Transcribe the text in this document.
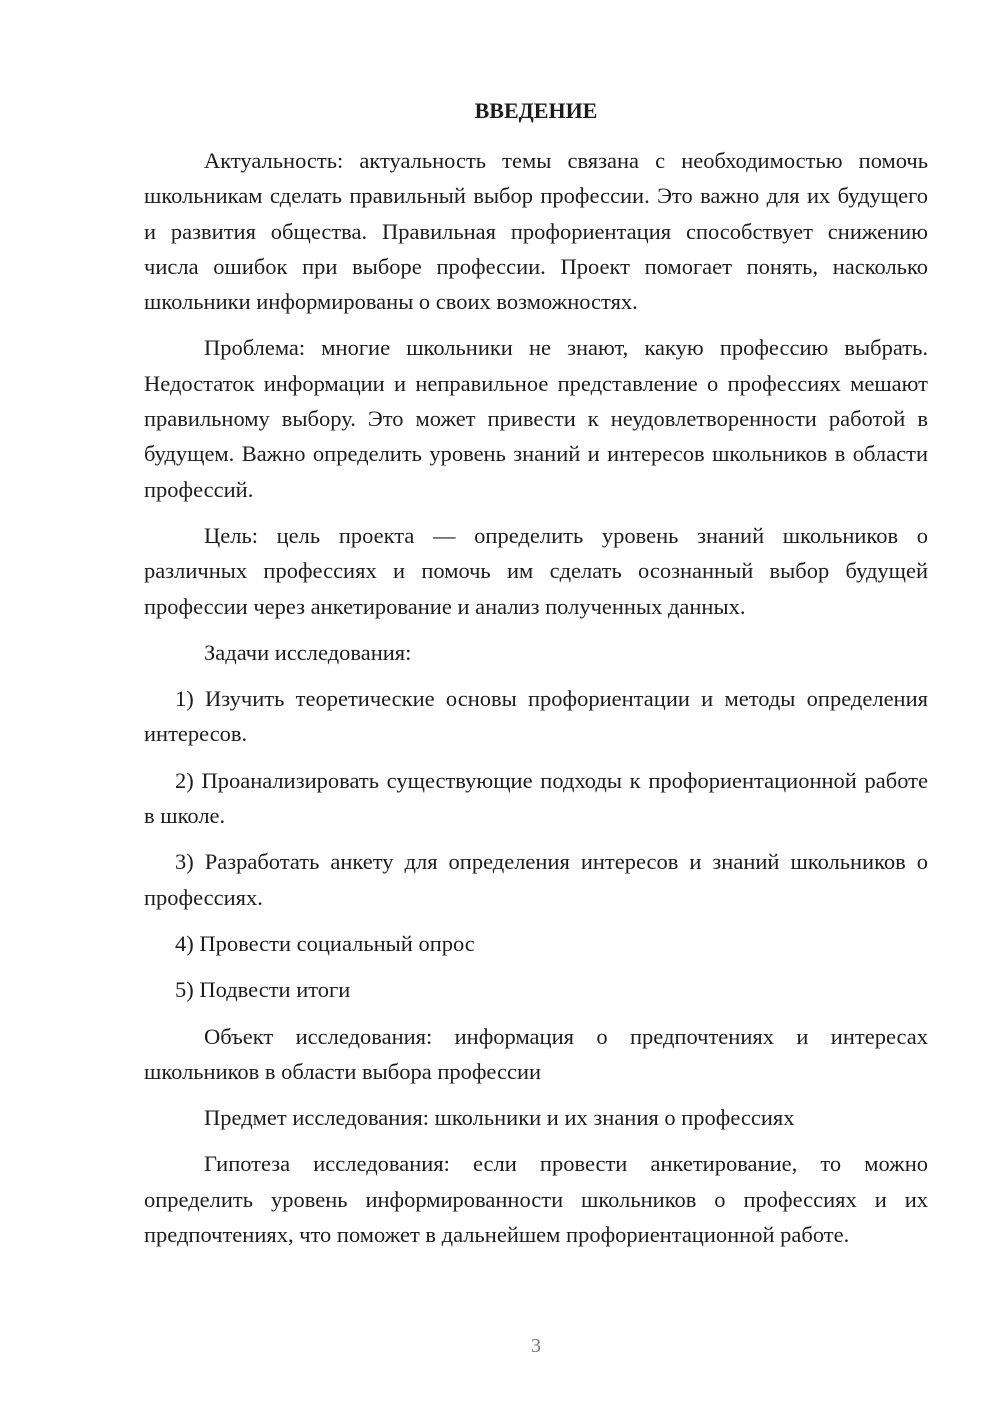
ВВЕДЕНИЕ

Актуальность: актуальность темы связана с необходимостью помочь школьникам сделать правильный выбор профессии. Это важно для их будущего и развития общества. Правильная профориентация способствует снижению числа ошибок при выборе профессии. Проект помогает понять, насколько школьники информированы о своих возможностях.

Проблема: многие школьники не знают, какую профессию выбрать. Недостаток информации и неправильное представление о профессиях мешают правильному выбору. Это может привести к неудовлетворенности работой в будущем. Важно определить уровень знаний и интересов школьников в области профессий.

Цель: цель проекта — определить уровень знаний школьников о различных профессиях и помочь им сделать осознанный выбор будущей профессии через анкетирование и анализ полученных данных.

Задачи исследования:

1) Изучить теоретические основы профориентации и методы определения интересов.

2) Проанализировать существующие подходы к профориентационной работе в школе.

3) Разработать анкету для определения интересов и знаний школьников о профессиях.

4) Провести социальный опрос

5) Подвести итоги

Объект исследования: информация о предпочтениях и интересах школьников в области выбора профессии

Предмет исследования: школьники и их знания о профессиях

Гипотеза исследования: если провести анкетирование, то можно определить уровень информированности школьников о профессиях и их предпочтениях, что поможет в дальнейшем профориентационной работе.

3
